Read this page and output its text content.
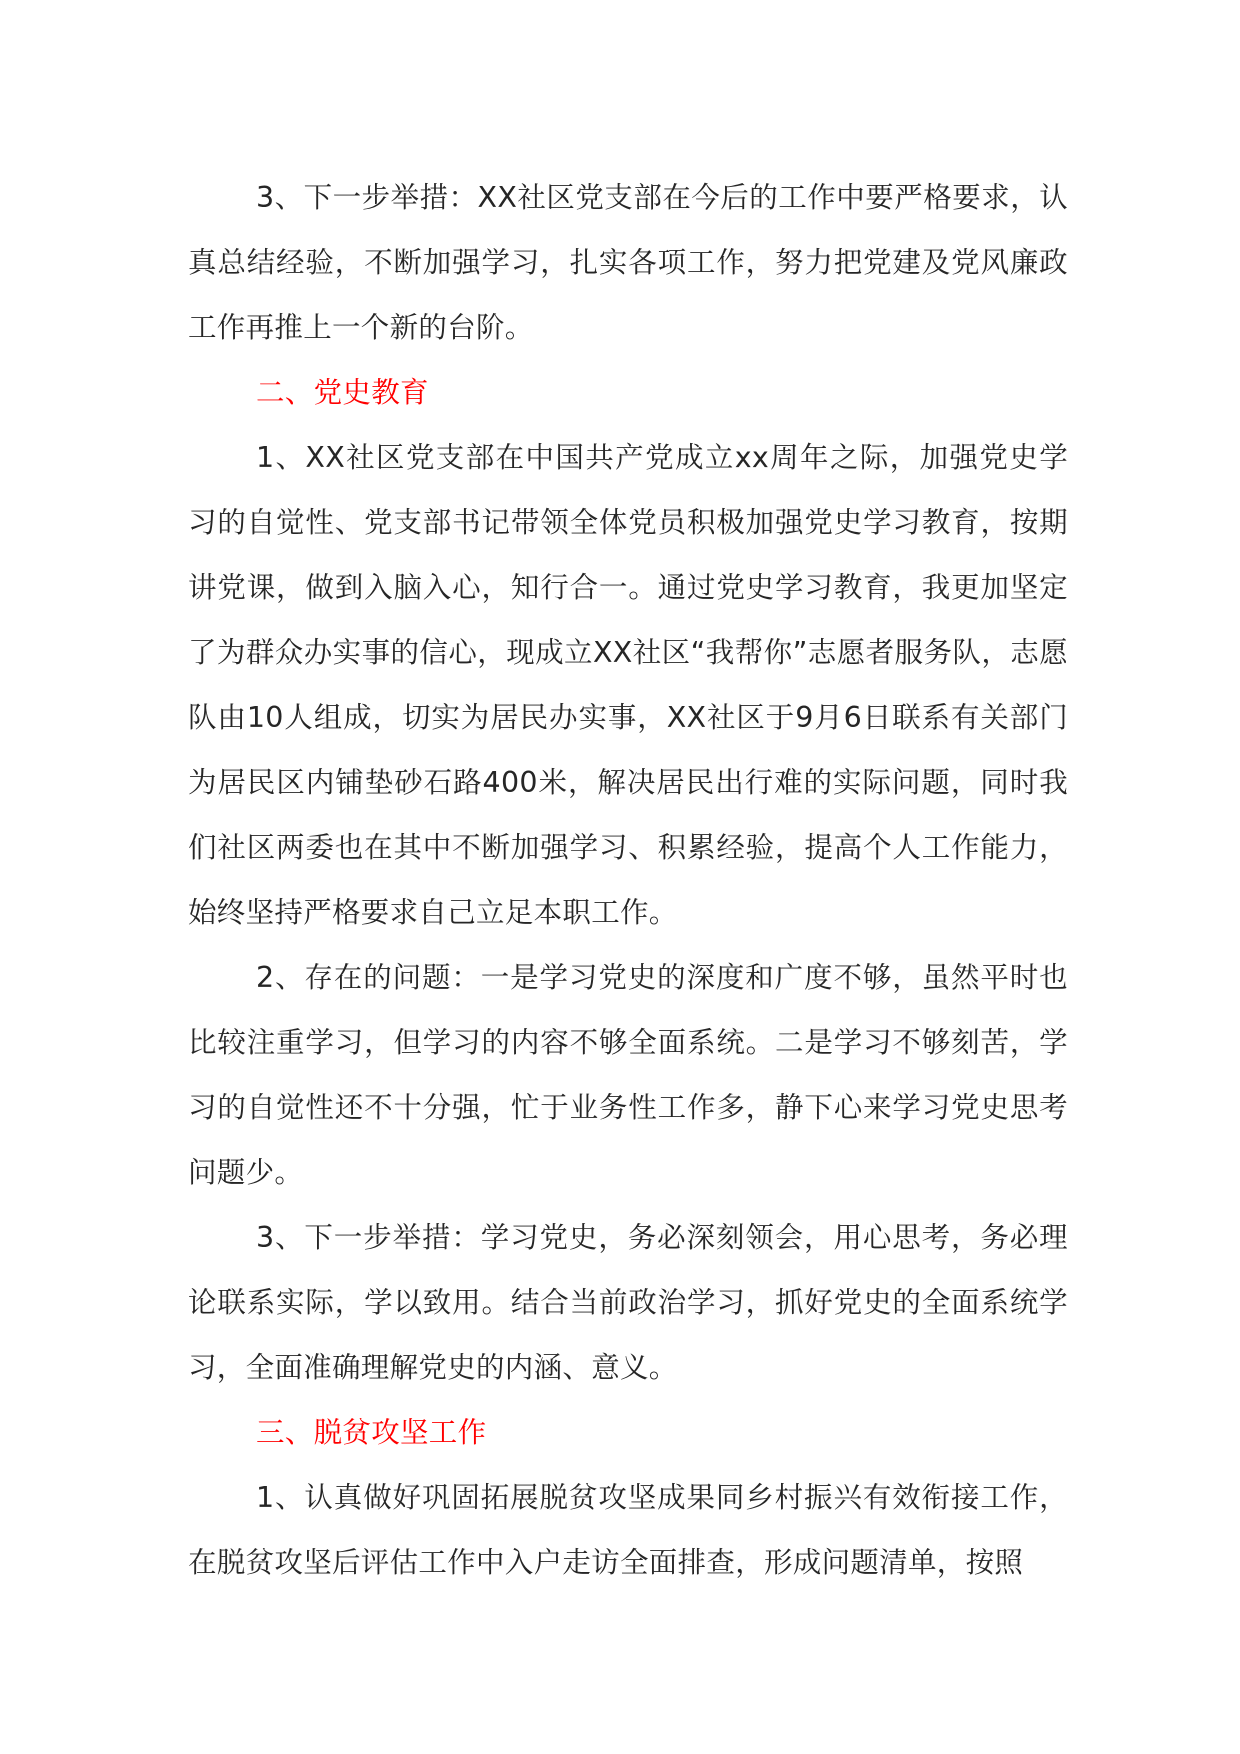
3、下一步举措：XX社区党支部在今后的工作中要严格要求，认真总结经验，不断加强学习，扎实各项工作，努力把党建及党风廉政工作再推上一个新的台阶。

二、党史教育

1、XX社区党支部在中国共产党成立xx周年之际，加强党史学习的自觉性、党支部书记带领全体党员积极加强党史学习教育，按期讲党课，做到入脑入心，知行合一。通过党史学习教育，我更加坚定了为群众办实事的信心，现成立XX社区“我帮你”志愿者服务队，志愿队由10人组成，切实为居民办实事，XX社区于9月6日联系有关部门为居民区内铺垫砂石路400米，解决居民出行难的实际问题，同时我们社区两委也在其中不断加强学习、积累经验，提高个人工作能力，始终坚持严格要求自己立足本职工作。

2、存在的问题：一是学习党史的深度和广度不够，虽然平时也比较注重学习，但学习的内容不够全面系统。二是学习不够刻苦，学习的自觉性还不十分强，忙于业务性工作多，静下心来学习党史思考问题少。

3、下一步举措：学习党史，务必深刻领会，用心思考，务必理论联系实际，学以致用。结合当前政治学习，抓好党史的全面系统学习，全面准确理解党史的内涵、意义。

三、脱贫攻坚工作

1、认真做好巩固拓展脱贫攻坚成果同乡村振兴有效衔接工作，在脱贫攻坚后评估工作中入户走访全面排查，形成问题清单，按照
